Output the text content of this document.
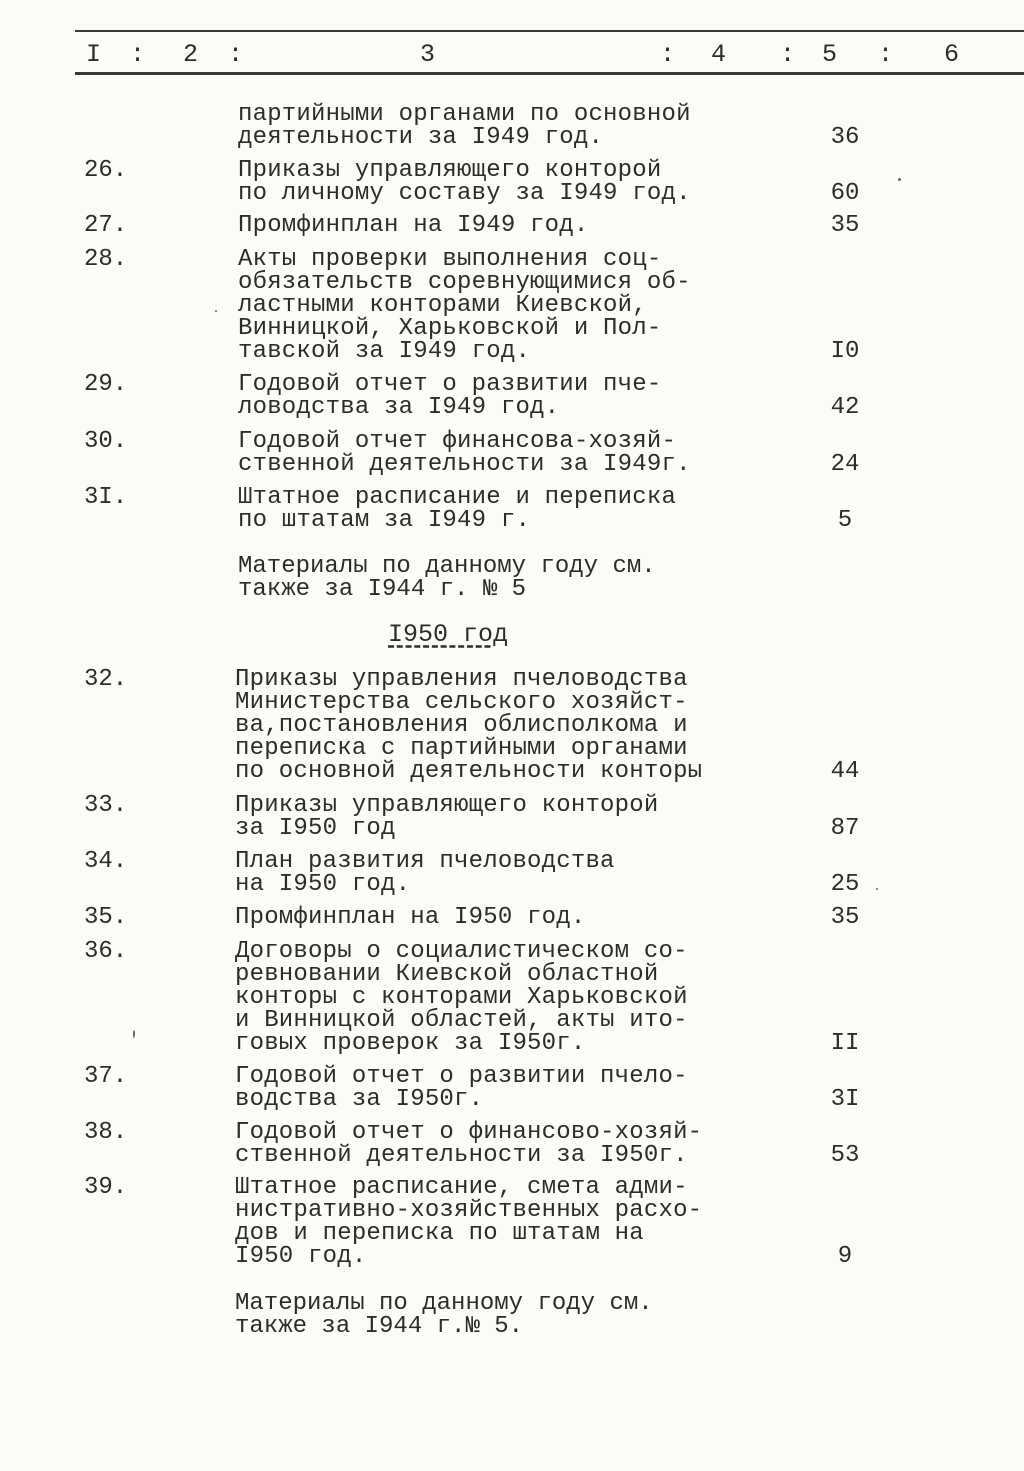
I : 2 :	3	: 4 : 5 : 6
партийными органами по основной
деятельности за I949 год.	36
26.	Приказы управляющего конторой
по личному составу за I949 год.	60
27.	Промфинплан на I949 год.	35
28.	Акты проверки выполнения соц-
обязательств соревнующимися об-
ластными конторами Киевской,
Винницкой, Харьковской и Пол-
тавской за I949 год.	I0
29.	Годовой отчет о развитии пче-
ловодства за I949 год.	42
30.	Годовой отчет финансова-хозяй-
ственной деятельности за I949г.	24
3I.	Штатное расписание и переписка
по штатам за I949 г.	5
Материалы по данному году см.
также за I944 г. № 5
I950 год
32.	Приказы управления пчеловодства
Министерства сельского хозяйст-
ва,постановления облисполкома и
переписка с партийными органами
по основной деятельности конторы	44
33.	Приказы управляющего конторой
за I950 год	87
34.	План развития пчеловодства
на I950 год.	25
35.	Промфинплан на I950 год.	35
36.	Договоры о социалистическом со-
ревновании Киевской областной
конторы с конторами Харьковской
и Винницкой областей, акты ито-
говых проверок за I950г.	II
37.	Годовой отчет о развитии пчело-
водства за I950г.	3I
38.	Годовой отчет о финансово-хозяй-
ственной деятельности за I950г.	53
39.	Штатное расписание, смета адми-
нистративно-хозяйственных расхо-
дов и переписка по штатам на
I950 год.	9
Материалы по данному году см.
также за I944 г.№ 5.
